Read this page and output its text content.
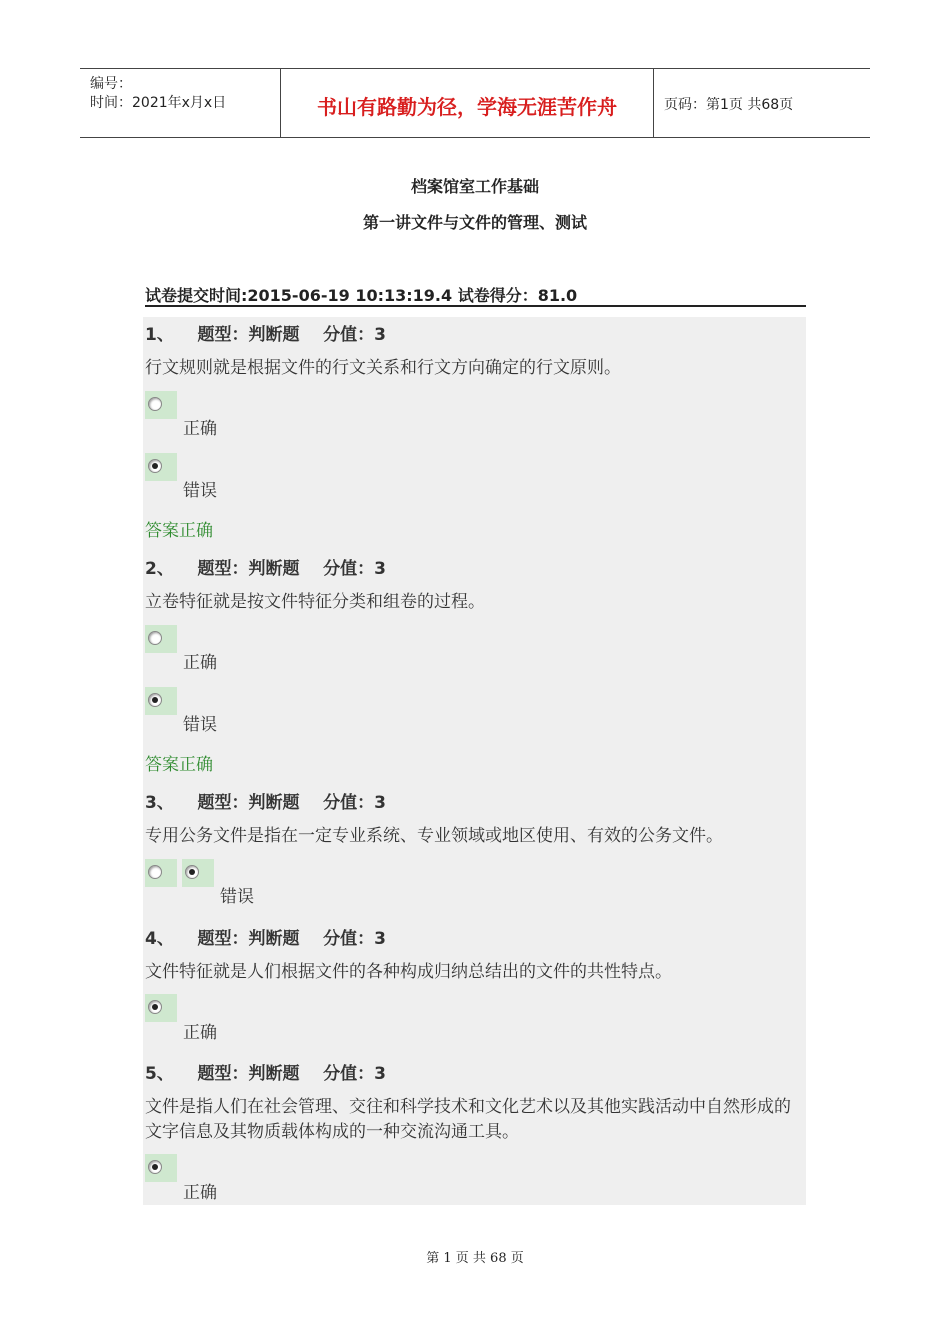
编号：
时间：2021年x月x日	书山有路勤为径，学海无涯苦作舟	页码：第1页 共68页
档案馆室工作基础
第一讲文件与文件的管理、测试
试卷提交时间:2015-06-19 10:13:19.4 试卷得分：81.0
1、    题型：判断题    分值：3
行文规则就是根据文件的行文关系和行文方向确定的行文原则。
正确
错误
答案正确
2、    题型：判断题    分值：3
立卷特征就是按文件特征分类和组卷的过程。
正确
错误
答案正确
3、    题型：判断题    分值：3
专用公务文件是指在一定专业系统、专业领域或地区使用、有效的公务文件。
错误
4、    题型：判断题    分值：3
文件特征就是人们根据文件的各种构成归纳总结出的文件的共性特点。
正确
5、    题型：判断题    分值：3
文件是指人们在社会管理、交往和科学技术和文化艺术以及其他实践活动中自然形成的文字信息及其物质载体构成的一种交流沟通工具。
正确
第 1 页 共 68 页
